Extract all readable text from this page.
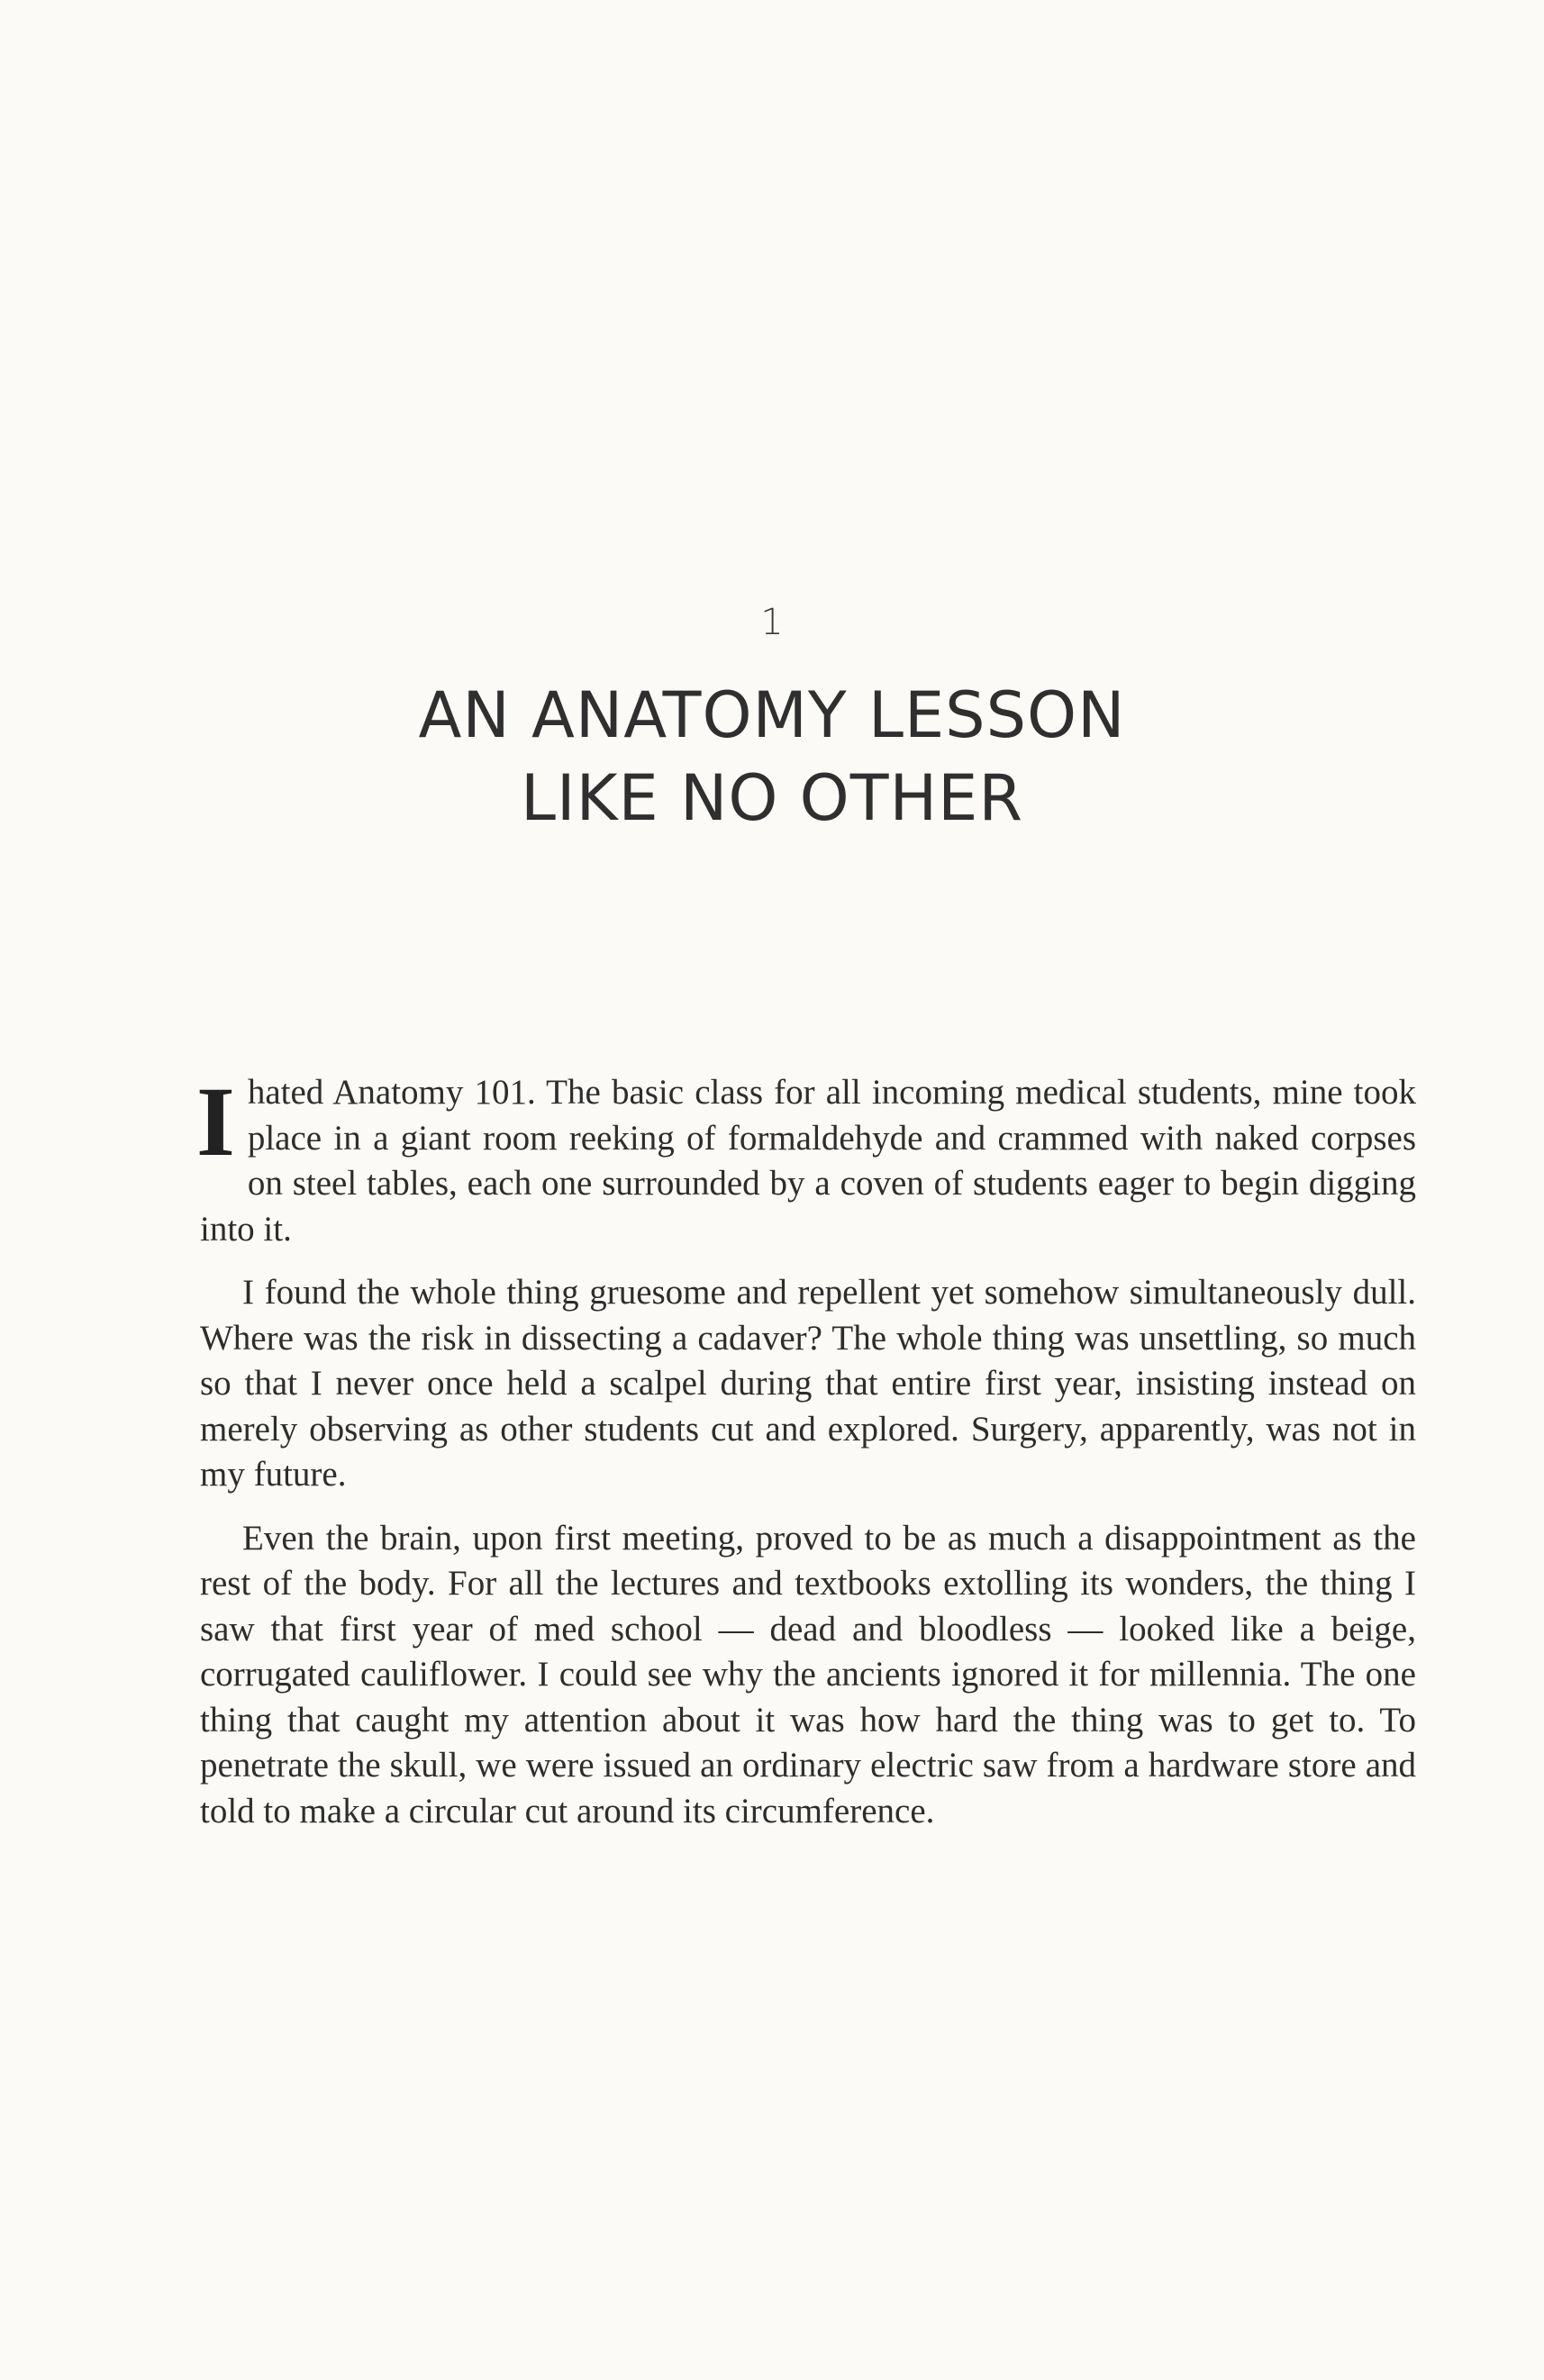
1
AN ANATOMY LESSON
LIKE NO OTHER

Ihated Anatomy 101. The basic class for all incoming medical students, mine took place in a giant room reeking of formaldehyde and crammed with naked corpses on steel tables, each one surrounded by a coven of students eager to begin digging into it.

I found the whole thing gruesome and repellent yet somehow simultaneously dull. Where was the risk in dissecting a cadaver? The whole thing was unsettling, so much so that I never once held a scalpel during that entire first year, insisting instead on merely observing as other students cut and explored. Surgery, apparently, was not in my future.

Even the brain, upon first meeting, proved to be as much a disappointment as the rest of the body. For all the lectures and textbooks extolling its wonders, the thing I saw that first year of med school — dead and bloodless — looked like a beige, corrugated cauliflower. I could see why the ancients ignored it for millennia. The one thing that caught my attention about it was how hard the thing was to get to. To penetrate the skull, we were issued an ordinary electric saw from a hardware store and told to make a circular cut around its circumference.
